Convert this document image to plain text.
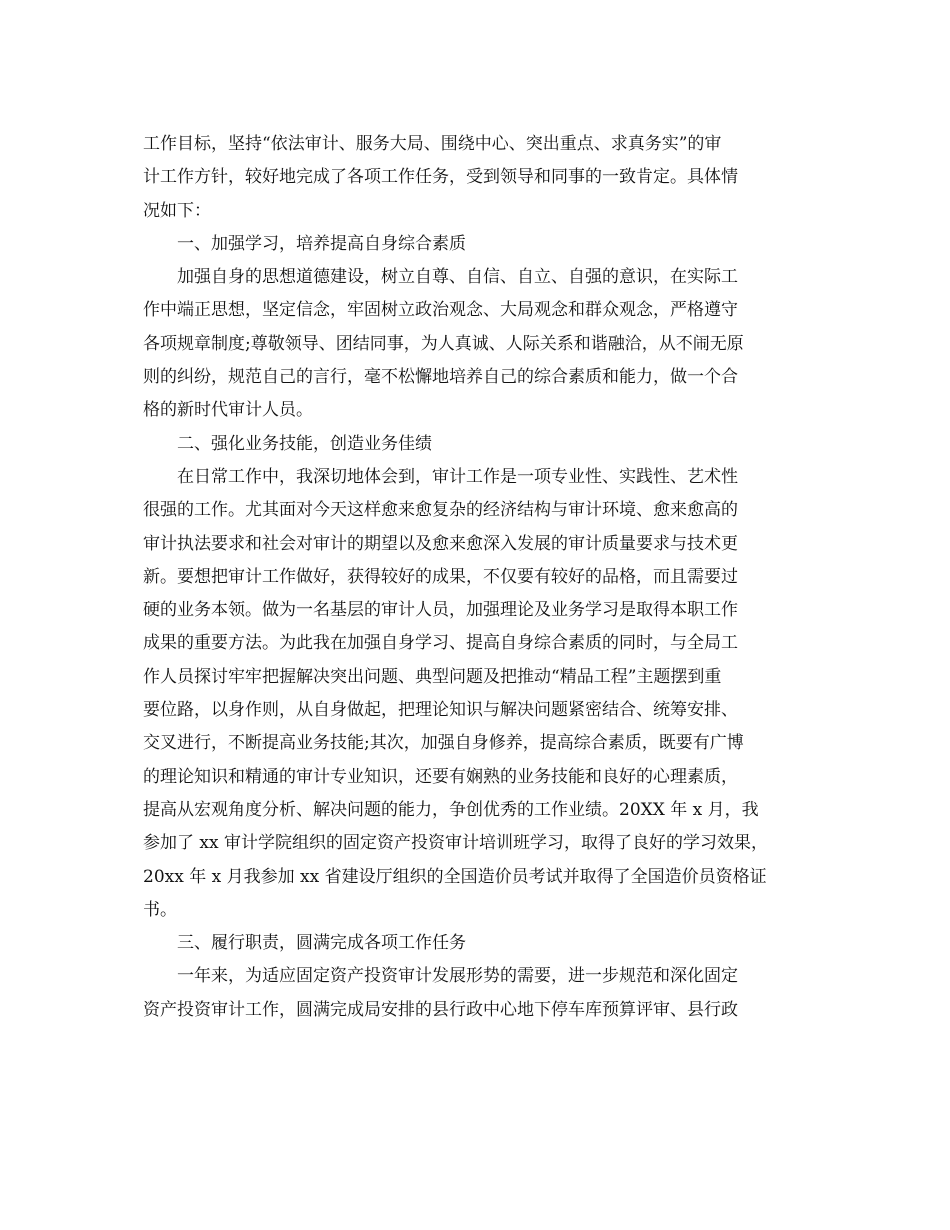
工作目标，坚持“依法审计、服务大局、围绕中心、突出重点、求真务实”的审
计工作方针，较好地完成了各项工作任务，受到领导和同事的一致肯定。具体情
况如下：
一、加强学习，培养提高自身综合素质
加强自身的思想道德建设，树立自尊、自信、自立、自强的意识，在实际工
作中端正思想，坚定信念，牢固树立政治观念、大局观念和群众观念，严格遵守
各项规章制度;尊敬领导、团结同事，为人真诚、人际关系和谐融洽，从不闹无原
则的纠纷，规范自己的言行，毫不松懈地培养自己的综合素质和能力，做一个合
格的新时代审计人员。
二、强化业务技能，创造业务佳绩
在日常工作中，我深切地体会到，审计工作是一项专业性、实践性、艺术性
很强的工作。尤其面对今天这样愈来愈复杂的经济结构与审计环境、愈来愈高的
审计执法要求和社会对审计的期望以及愈来愈深入发展的审计质量要求与技术更
新。要想把审计工作做好，获得较好的成果，不仅要有较好的品格，而且需要过
硬的业务本领。做为一名基层的审计人员，加强理论及业务学习是取得本职工作
成果的重要方法。为此我在加强自身学习、提高自身综合素质的同时，与全局工
作人员探讨牢牢把握解决突出问题、典型问题及把推动“精品工程”主题摆到重
要位路，以身作则，从自身做起，把理论知识与解决问题紧密结合、统筹安排、
交叉进行，不断提高业务技能;其次，加强自身修养，提高综合素质，既要有广博
的理论知识和精通的审计专业知识，还要有娴熟的业务技能和良好的心理素质，
提高从宏观角度分析、解决问题的能力，争创优秀的工作业绩。20XX 年 x 月，我
参加了 xx 审计学院组织的固定资产投资审计培训班学习，取得了良好的学习效果，
20xx 年 x 月我参加 xx 省建设厅组织的全国造价员考试并取得了全国造价员资格证
书。
三、履行职责，圆满完成各项工作任务
一年来，为适应固定资产投资审计发展形势的需要，进一步规范和深化固定
资产投资审计工作，圆满完成局安排的县行政中心地下停车库预算评审、县行政
